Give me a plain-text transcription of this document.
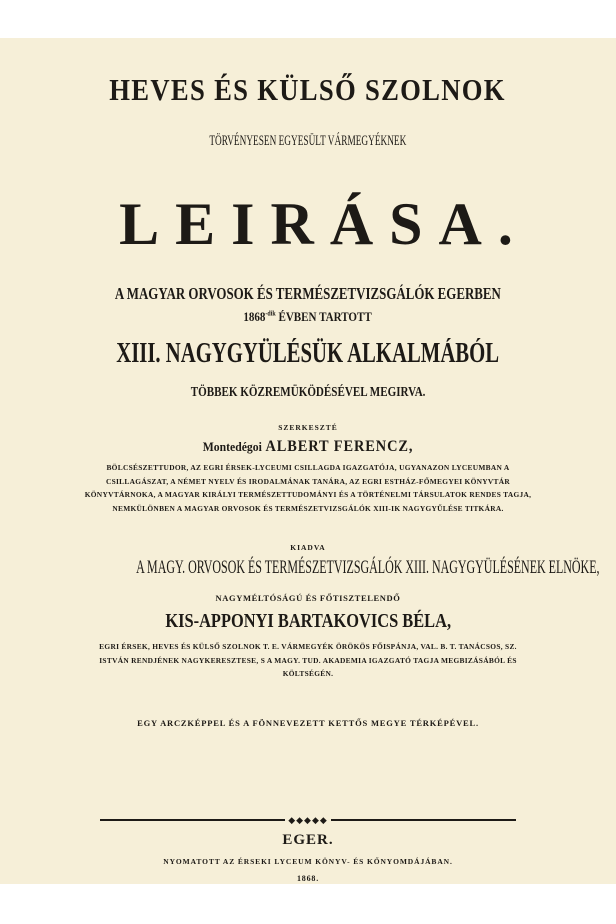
HEVES ÉS KÜLSŐ SZOLNOK
TÖRVÉNYESEN EGYESÜLT VÁRMEGYÉKNEK
LEIRÁSA.
A MAGYAR ORVOSOK ÉS TERMÉSZETVIZSGÁLÓK EGERBEN
$1868^{-dik}$ ÉVBEN TARTOTT
XIII. NAGYGYÜLÉSÜK ALKALMÁBÓL
TÖBBEK KÖZREMÜKÖDÉSÉVEL MEGIRVA.
SZERKESZTÉ
Montedégoi ALBERT FERENCZ,
BÖLCSÉSZETTUDOR, AZ EGRI ÉRSEK-LYCEUMI CSILLAGDA IGAZGATÓJA, UGYANAZON LYCEUMBAN A CSILLAGÁSZAT, A NÉMET NYELV ÉS IRODALMÁNAK TANÁRA, AZ EGRI ESTHÁZ-FŐMEGYEI KÖNYVTÁR KÖNYVTÁRNOKA, A MAGYAR KIRÁLYI TERMÉSZETTUDOMÁNYI ÉS A TÖRTÉNELMI TÁRSULATOK RENDES TAGJA, NEMKÜLÖNBEN A MAGYAR ORVOSOK ÉS TERMÉSZETVIZSGÁLÓK XIII-IK NAGYGYŰLÉSE TITKÁRA.
KIADVA
A MAGY. ORVOSOK ÉS TERMÉSZETVIZSGÁLÓK XIII. NAGYGYÜLÉSÉNEK ELNÖKE,
NAGYMÉLTÓSÁGÚ ÉS FŐTISZTELENDŐ
KIS-APPONYI BARTAKOVICS BÉLA,
EGRI ÉRSEK, HEVES ÉS KÜLSŐ SZOLNOK T. E. VÁRMEGYÉK ÖRÖKÖS FŐISPÁNJA, VAL. B. T. TANÁCSOS, SZ. ISTVÁN RENDJÉNEK NAGYKERESZTESE, S A MAGY. TUD. AKADEMIA IGAZGATÓ TAGJA MEGBIZÁSÁBÓL ÉS KÖLTSÉGÉN.
EGY ARCZKÉPPEL ÉS A FÖNNEVEZETT KETTŐS MEGYE TÉRKÉPÉVEL.
◆◆◆◆◆
EGER.
NYOMATOTT AZ ÉRSEKI LYCEUM KÖNYV- ÉS KŐNYOMDÁJÁBAN.
1868.
